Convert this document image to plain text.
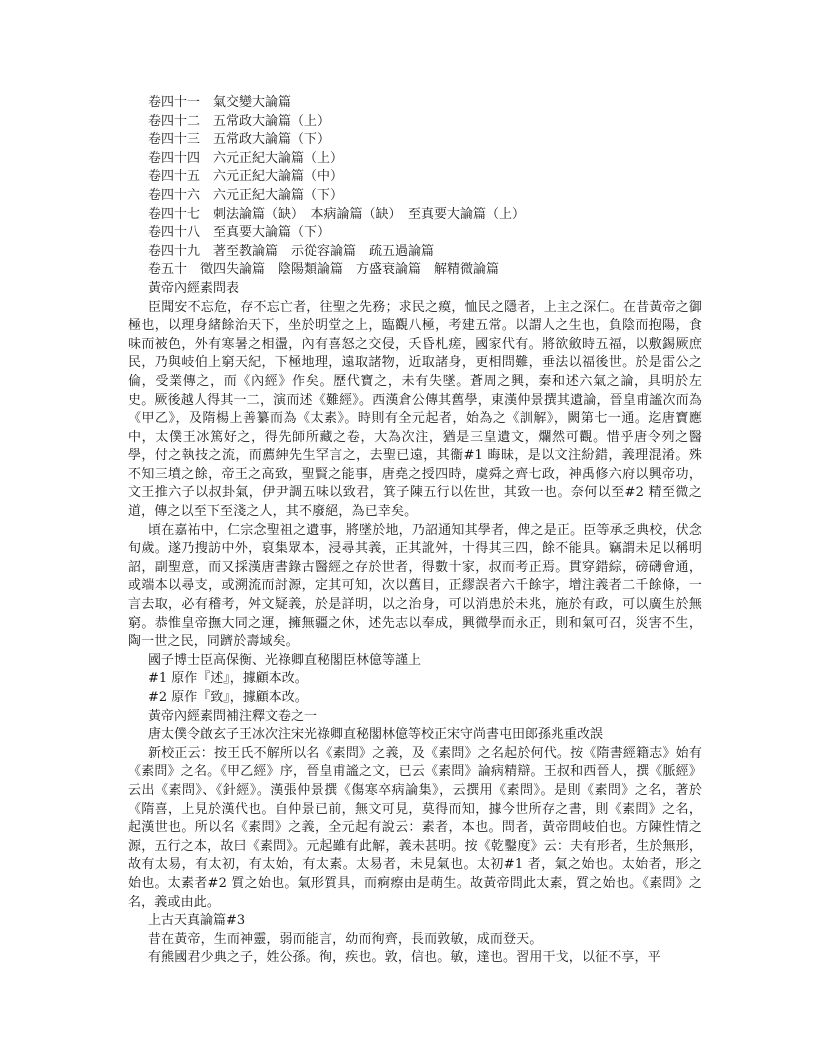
卷四十一　氣交變大論篇
卷四十二　五常政大論篇（上）
卷四十三　五常政大論篇（下）
卷四十四　六元正紀大論篇（上）
卷四十五　六元正紀大論篇（中）
卷四十六　六元正紀大論篇（下）
卷四十七　刺法論篇（缺）　本病論篇（缺）　至真要大論篇（上）
卷四十八　至真要大論篇（下）
卷四十九　著至教論篇　示從容論篇　疏五過論篇
卷五十　徵四失論篇　陰陽類論篇　方盛衰論篇　解精微論篇
黃帝內經素問表

臣聞安不忘危，存不忘亡者，往聖之先務；求民之瘼，恤民之隱者，上主之深仁。在昔黃帝之御極也，以理身緒餘治天下，坐於明堂之上，臨觀八極，考建五常。以謂人之生也，負陰而抱陽，食味而被色，外有寒暑之相盪，內有喜怒之交侵，夭昏札瘥，國家代有。將欲斂時五福，以敷錫厥庶民，乃與岐伯上窮天紀，下極地理，遠取諸物，近取諸身，更相問難，垂法以福後世。於是雷公之倫，受業傳之，而《內經》作矣。歷代寶之，未有失墜。蒼周之興，秦和述六氣之論，具明於左史。厥後越人得其一二，演而述《難經》。西漢倉公傳其舊學，東漢仲景撰其遺論，晉皇甫謐次而為《甲乙》，及隋楊上善纂而為《太素》。時則有全元起者，始為之《訓解》，闕第七一通。迄唐寶應中，太僕王冰篤好之，得先師所藏之卷，大為次注，猶是三皇遺文，爛然可觀。惜乎唐令列之醫學，付之執技之流，而薦紳先生罕言之，去聖已遠，其衞#1 晦昧，是以文注紛錯，義理混淆。殊不知三墳之餘，帝王之高致，聖賢之能事，唐堯之授四時，虞舜之齊七政，神禹修六府以興帝功，文王推六子以叔卦氣，伊尹調五味以致君，箕子陳五行以佐世，其致一也。奈何以至#2 精至微之道，傳之以至下至淺之人，其不廢絕，為已幸矣。

頃在嘉祐中，仁宗念聖祖之遺事，將墜於地，乃詔通知其學者，俾之是正。臣等承乏典校，伏念旬歲。遂乃搜訪中外，裒集眾本，浸尋其義，正其訛舛，十得其三四，餘不能具。竊謂未足以稱明詔，副聖意，而又採漢唐書錄古醫經之存於世者，得數十家，叔而考正焉。貫穿錯綜，磅礴會通，或端本以尋支，或溯流而討源，定其可知，次以舊目，正繆誤者六千餘字，增注義者二千餘條，一言去取，必有稽考，舛文疑義，於是詳明，以之治身，可以消患於未兆，施於有政，可以廣生於無窮。恭惟皇帝撫大同之運，擁無疆之休，述先志以奉成，興微學而永正，則和氣可召，災害不生，陶一世之民，同躋於壽域矣。

國子博士臣高保衡、光祿卿直秘閣臣林億等謹上
#1 原作『述』，據顧本改。
#2 原作『致』，據顧本改。
黃帝內經素問補注釋文卷之一
唐太僕令啟玄子王冰次注宋光祿卿直秘閣林億等校正宋守尚書屯田郎孫兆重改誤

新校正云：按王氏不解所以名《素問》之義，及《素問》之名起於何代。按《隋書經籍志》始有《素問》之名。《甲乙經》序，晉皇甫謐之文，已云《素問》論病精辯。王叔和西晉人，撰《脈經》云出《素問》、《針經》。漢張仲景撰《傷寒卒病論集》，云撰用《素問》。是則《素問》之名，著於《隋喜，上見於漢代也。自仲景已前，無文可見，莫得而知，據今世所存之書，則《素問》之名，起漢世也。所以名《素問》之義，全元起有說云：素者，本也。問者，黃帝問岐伯也。方陳性情之源，五行之本，故曰《素問》。元起雖有此解，義未甚明。按《乾鑿度》云：夫有形者，生於無形，故有太易，有太初，有太始，有太素。太易者，未見氣也。太初#1 者，氣之始也。太始者，形之始也。太素者#2 質之始也。氣形質具，而痾瘵由是萌生。故黃帝問此太素，質之始也。《素問》之名，義或由此。

上古天真論篇#3

昔在黃帝，生而神靈，弱而能言，幼而徇齊，長而敦敏，成而登天。

有熊國君少典之子，姓公孫。徇，疾也。敦，信也。敏，達也。習用干戈，以征不享，平
